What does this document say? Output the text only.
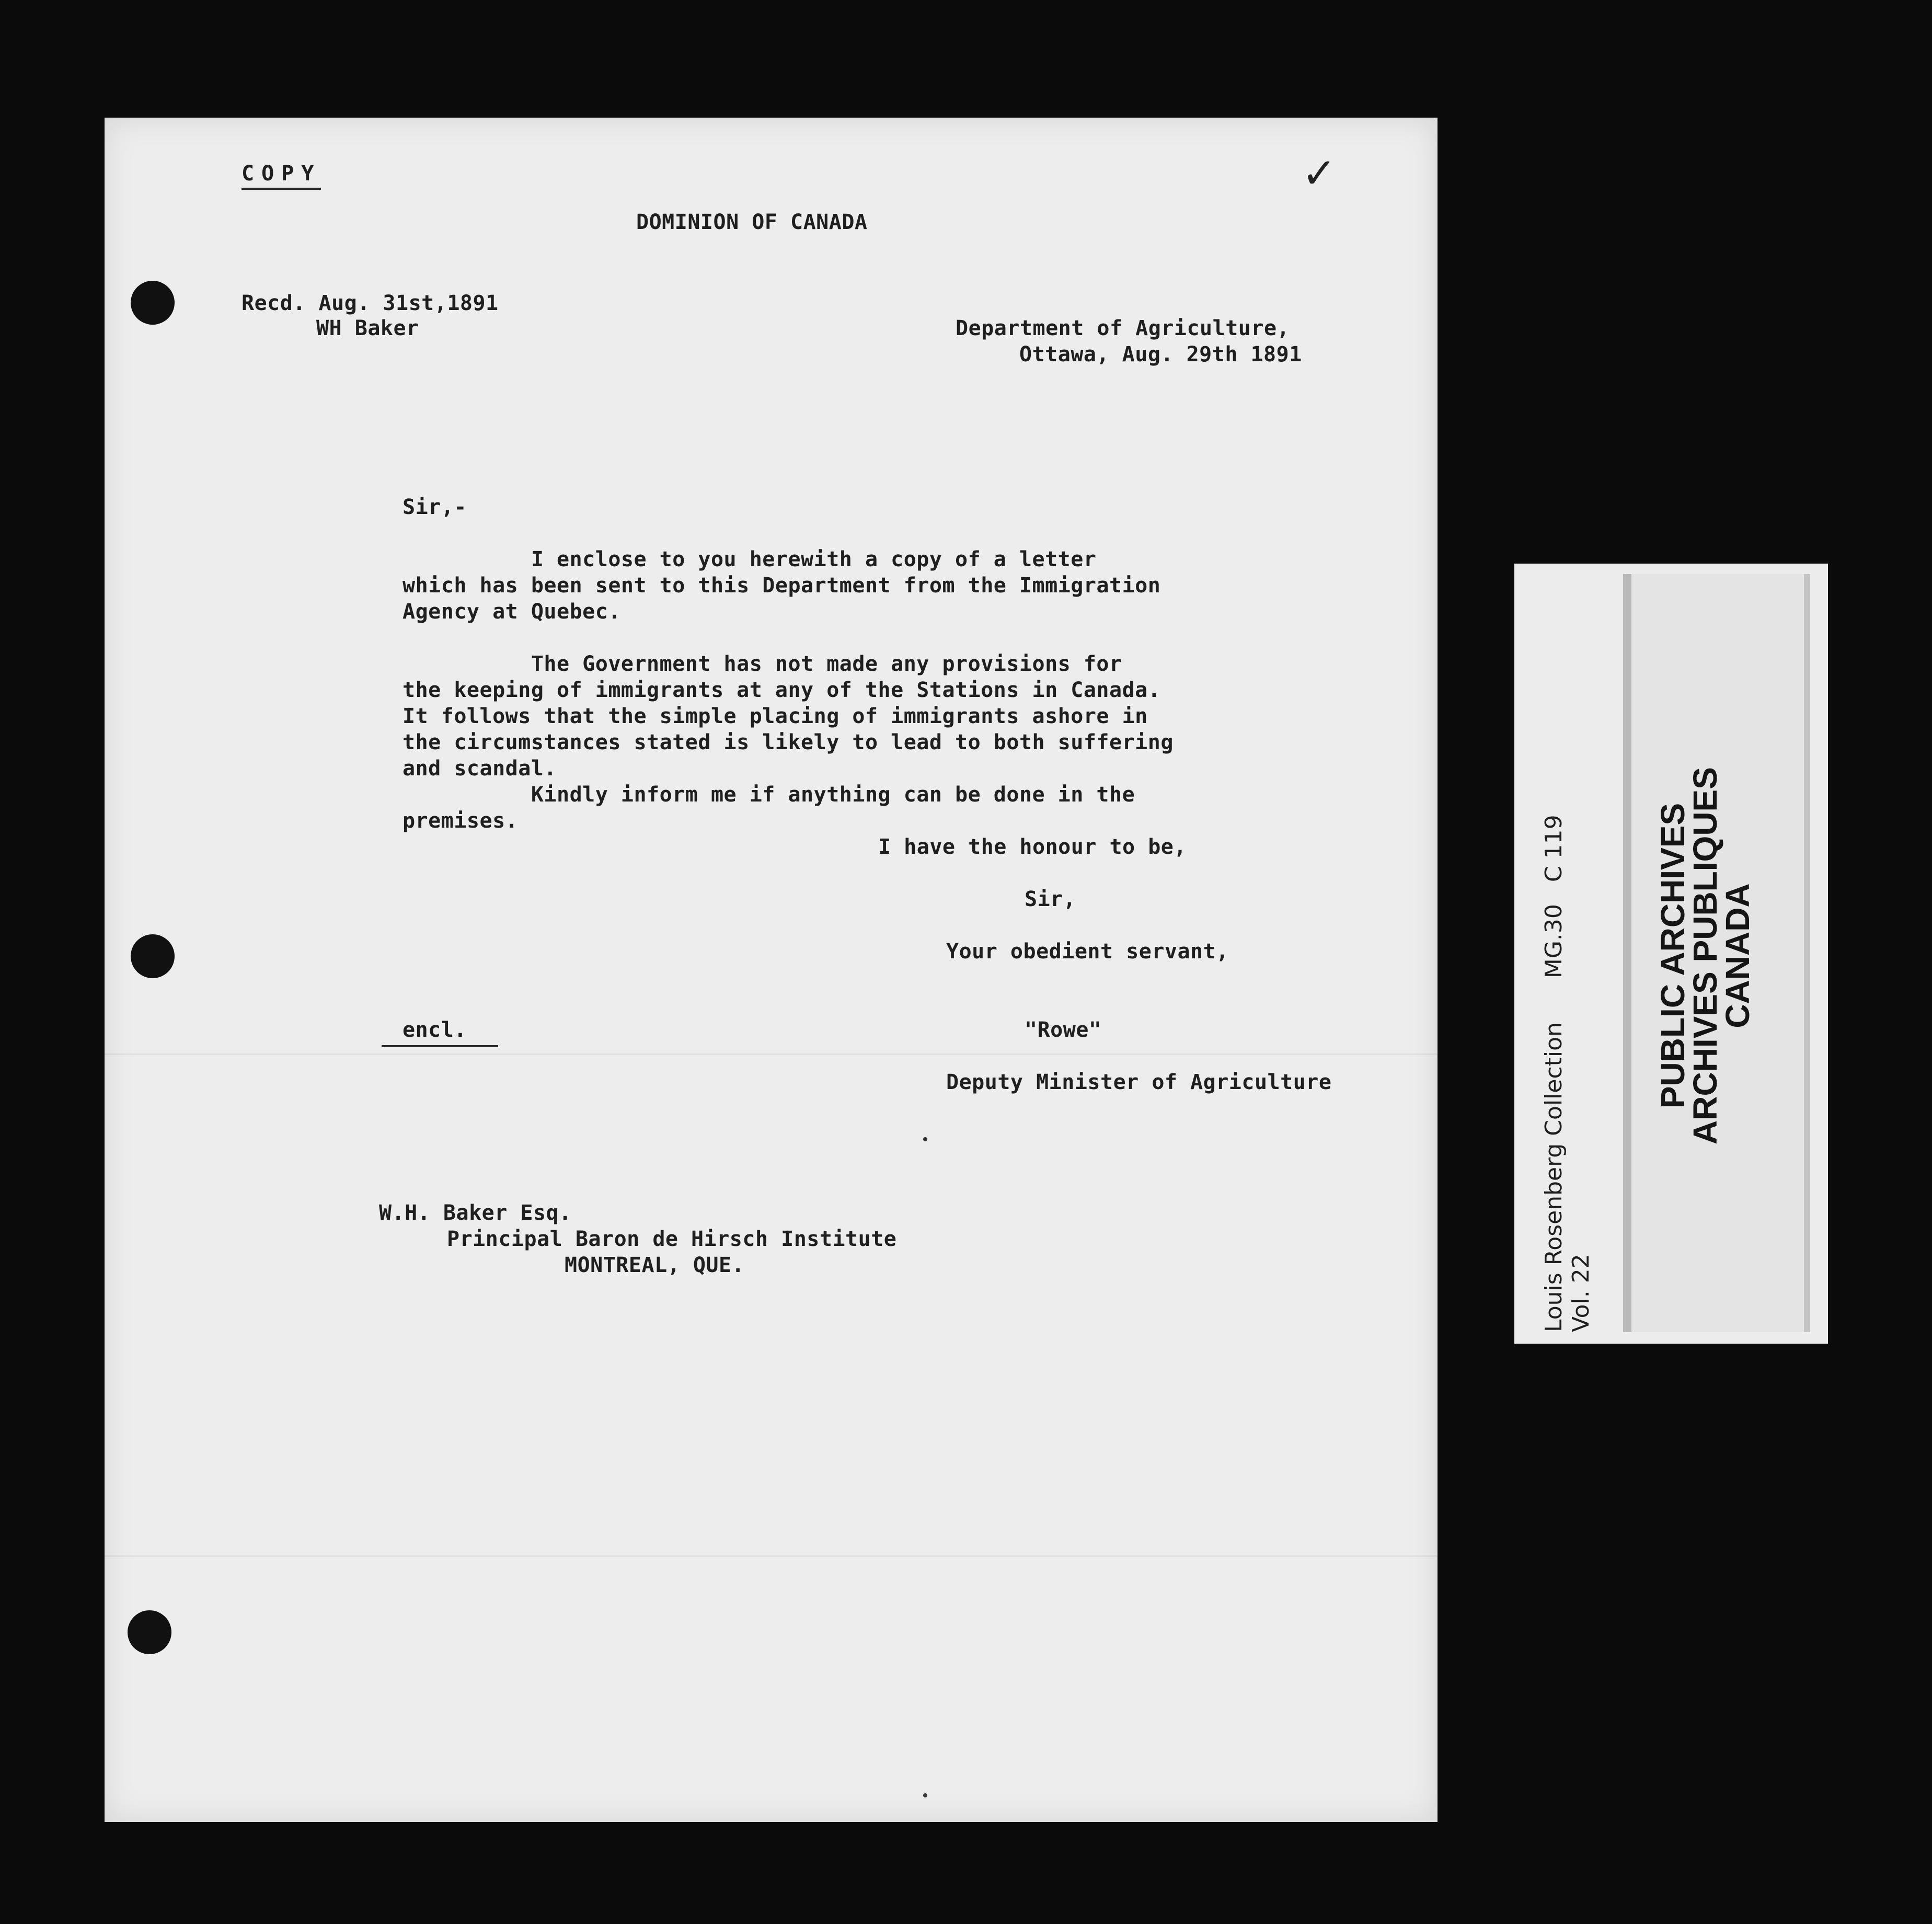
COPY	✓
DOMINION OF CANADA
Recd. Aug. 31st,1891
WH Baker	Department of Agriculture,
Ottawa, Aug. 29th 1891
Sir,-
I enclose to you herewith a copy of a letter
which has been sent to this Department from the Immigration
Agency at Quebec.
The Government has not made any provisions for
the keeping of immigrants at any of the Stations in Canada.
It follows that the simple placing of immigrants ashore in
the circumstances stated is likely to lead to both suffering
and scandal.
Kindly inform me if anything can be done in the
premises.
I have the honour to be,
Sir,
Your obedient servant,
encl.	"Rowe"
Deputy Minister of Agriculture
W.H. Baker Esq.
Principal Baron de Hirsch Institute
MONTREAL, QUE.	Louis Rosenberg Collection      MG.30   C 119
Vol. 22
PUBLIC ARCHIVES
ARCHIVES PUBLIQUES
CANADA
